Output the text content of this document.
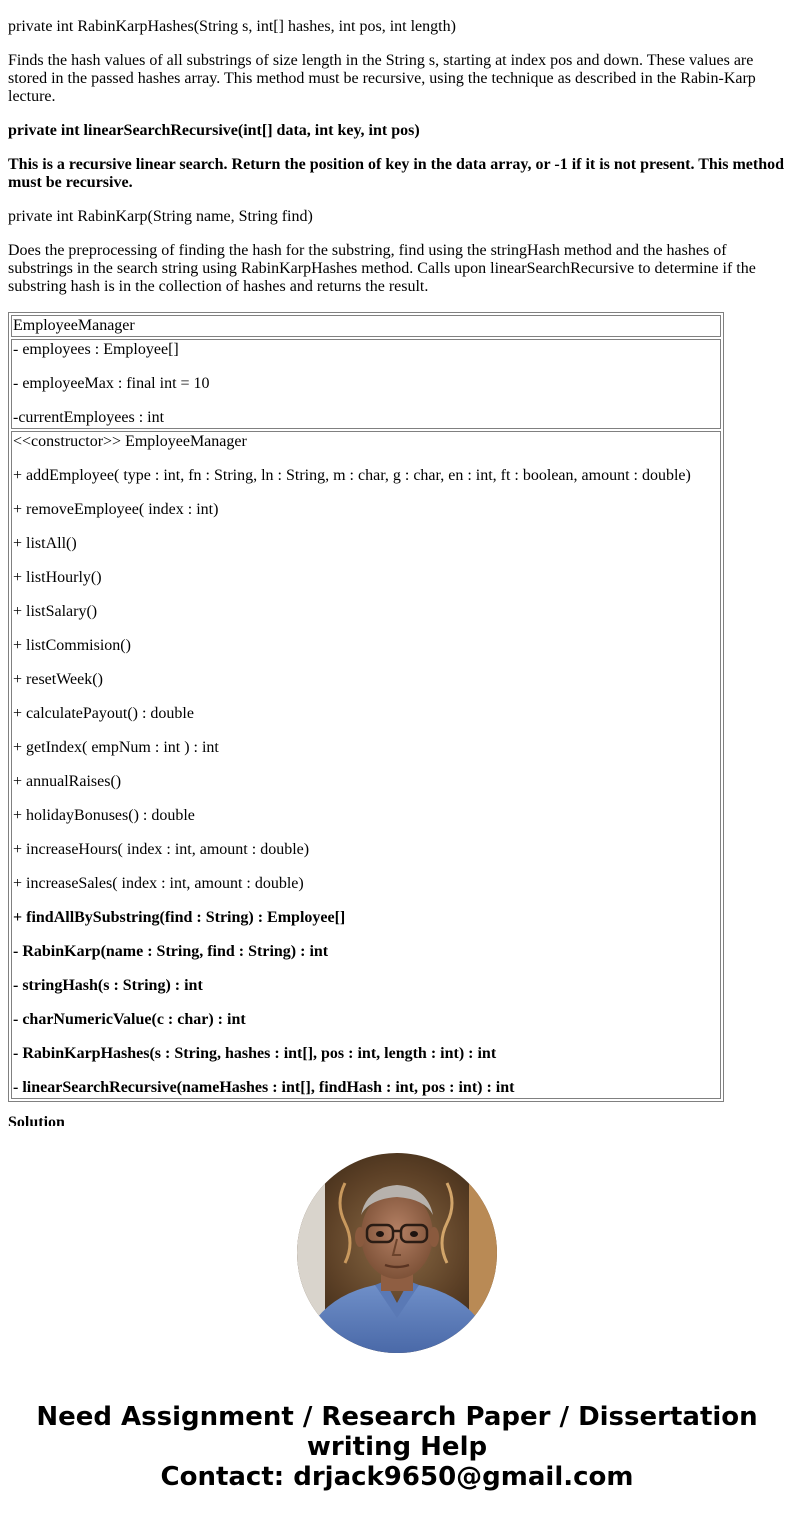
private int RabinKarpHashes(String s, int[] hashes, int pos, int length)

Finds the hash values of all substrings of size length in the String s, starting at index pos and down. These values are stored in the passed hashes array. This method must be recursive, using the technique as described in the Rabin-Karp lecture.

private int linearSearchRecursive(int[] data, int key, int pos)

This is a recursive linear search. Return the position of key in the data array, or -1 if it is not present. This method must be recursive.

private int RabinKarp(String name, String find)

Does the preprocessing of finding the hash for the substring, find using the stringHash method and the hashes of substrings in the search string using RabinKarpHashes method. Calls upon linearSearchRecursive to determine if the substring hash is in the collection of hashes and returns the result.

EmployeeManager

- employees : Employee[]

- employeeMax : final int = 10

-currentEmployees : int

<<constructor>> EmployeeManager

+ addEmployee( type : int, fn : String, ln : String, m : char, g : char, en : int, ft : boolean, amount : double)

+ removeEmployee( index : int)

+ listAll()

+ listHourly()

+ listSalary()

+ listCommision()

+ resetWeek()

+ calculatePayout() : double

+ getIndex( empNum : int ) : int

+ annualRaises()

+ holidayBonuses() : double

+ increaseHours( index : int, amount : double)

+ increaseSales( index : int, amount : double)

+ findAllBySubstring(find : String) : Employee[]

- RabinKarp(name : String, find : String) : int

- stringHash(s : String) : int

- charNumericValue(c : char) : int

- RabinKarpHashes(s : String, hashes : int[], pos : int, length : int) : int

- linearSearchRecursive(nameHashes : int[], findHash : int, pos : int) : int

Solution
Need Assignment / Research Paper / Dissertation
writing Help
Contact: drjack9650@gmail.com
